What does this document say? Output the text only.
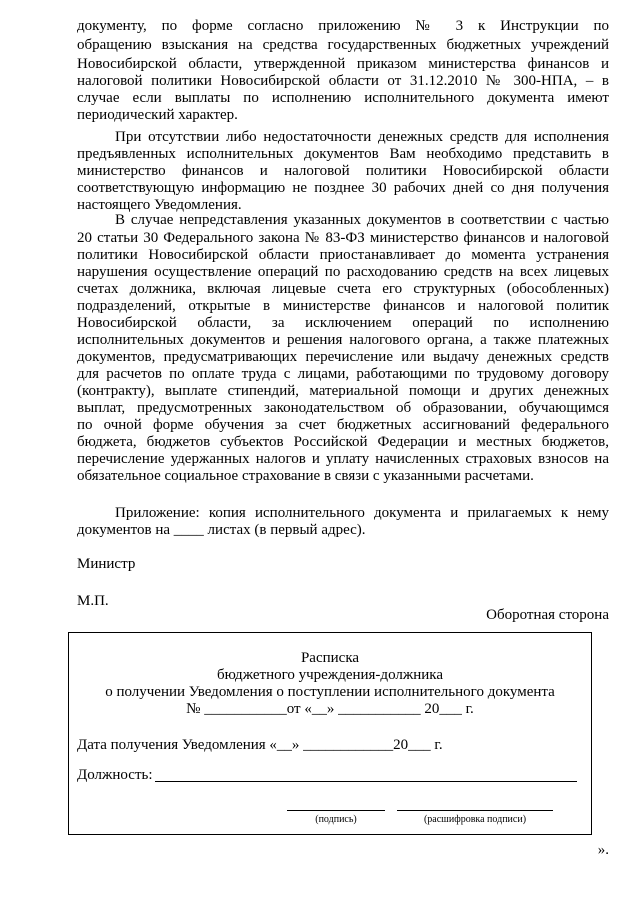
документу, по форме согласно приложению № 3 к Инструкции по
обращению взыскания на средства государственных бюджетных учреждений
Новосибирской области, утвержденной приказом министерства финансов и
налоговой политики Новосибирской области от 31.12.2010 № 300-НПА, – в
случае если выплаты по исполнению исполнительного документа имеют
периодический характер.
При отсутствии либо недостаточности денежных средств для исполнения
предъявленных исполнительных документов Вам необходимо представить в
министерство финансов и налоговой политики Новосибирской области
соответствующую информацию не позднее 30 рабочих дней со дня получения
настоящего Уведомления.
В случае непредставления указанных документов в соответствии с частью
20 статьи 30 Федерального закона № 83-ФЗ министерство финансов и налоговой
политики Новосибирской области приостанавливает до момента устранения
нарушения осуществление операций по расходованию средств на всех лицевых
счетах должника, включая лицевые счета его структурных (обособленных)
подразделений, открытые в министерстве финансов и налоговой политик
Новосибирской области, за исключением операций по исполнению
исполнительных документов и решения налогового органа, а также платежных
документов, предусматривающих перечисление или выдачу денежных средств
для расчетов по оплате труда с лицами, работающими по трудовому договору
(контракту), выплате стипендий, материальной помощи и других денежных
выплат, предусмотренных законодательством об образовании, обучающимся
по очной форме обучения за счет бюджетных ассигнований федерального
бюджета, бюджетов субъектов Российской Федерации и местных бюджетов,
перечисление удержанных налогов и уплату начисленных страховых взносов на
обязательное социальное страхование в связи с указанными расчетами.
Приложение: копия исполнительного документа и прилагаемых к нему
документов на ____ листах (в первый адрес).
Министр
М.П.
Оборотная сторона
Расписка
бюджетного учреждения-должника
о получении Уведомления о поступлении исполнительного документа
№ ___________от «__» ___________ 20___ г.
Дата получения Уведомления «__» ____________20___ г.
Должность:
(подпись)	(расшифровка подписи)
».
